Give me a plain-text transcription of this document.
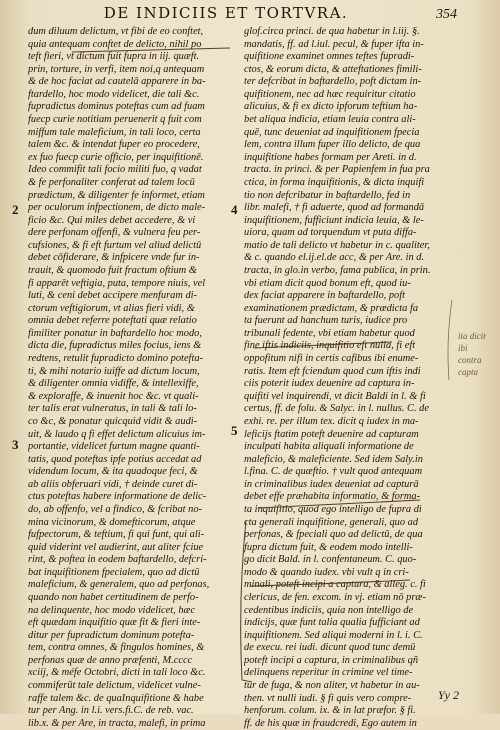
DE INDICIIS ET TORTVRA.	354
dum diluum delictum, vt fibi de eo conftet,
quia antequam conftet de delicto, nihil po
teft fieri, vt dictum fuit fupra in iij. quæft.
prin, torture, in verfi, item noi,q antequam
& de hoc faciat ad cautelā apparere in ba-
ftardello, hoc modo videlicet, die tali &c.
fupradictus dominus poteftas cum ad fuam
fuecp curie notitiam peruenerit q fuit com
miffum tale maleficium, in tali loco, certa
talem &c. & intendat fuper eo procedere,
ex fuo fuecp curie officio, per inquifitionē.
Ideo commifit tali focio militi fuo, q vadat
& fe perfonaliter conferat ad talem locū
prædictum, & diligenter fe informet, etiam
per oculorum infpectionem, de dicto male-
ficio &c. Qui miles debet accedere, & vi
dere perfonam offenfi, & vulnera feu per-
cufsiones, & fi eft furtum vel aliud delictū
debet cōfiderare, & infpicere vnde fur in-
trauit, & quomodo fuit fractum oftium &
fi apparēt veftigia, puta, tempore niuis, vel
luti, & ceni debet accipere menfuram di-
ctorum veftigiorum, vt alias fieri vidi, &
omnia debet referre poteftati quæ relatio
fimiliter ponatur in baftardello hoc modo,
dicta die, fupradictus miles focius, iens &
redtens, retulit fupradicto domino potefta-
ti, & mihi notario iuiffe ad dictum locum,
& diligenter omnia vidiffe, & intellexiffe,
& exploraffe, & inuenit hoc &c. vt quali-
ter talis erat vulneratus, in tali & tali lo-
co &c, & ponatur quicquid vidit & audi-
uit, & laudo q fi effet delictum alicuius im-
portantie, videlicet furtum magne quanti-
tatis, quod poteftas ipfe potius accedat ad
videndum locum, & ita quadoque feci, &
ab aliis obferuari vidi, † deinde curet di-
ctus poteftas habere informatione de delic-
do, ab offenfo, vel a findico, & fcribat no-
mina vicinorum, & domefticorum, atque
fufpectorum, & teftium, fi qui funt, qui ali-
quid viderint vel audierint, aut aliter fciue
rint, & poftea in eodem baftardello, defcri-
bat inquifitionem fpecialem, quo ad dictū
maleficium, & generalem, quo ad perfonas,
quando non habet certitudinem de perfo-
na delinquente, hoc modo videlicet, hæc
eft quædam inquifitio quæ fit & fieri inte-
ditur per fupradictum dominum potefta-
tem, contra omnes, & fingulos homines, &
perfonas quæ de anno præfenti, M.cccc
xciij, & méfe Octobri, dicti in tali loco &c.
commiferūt tale delictum, videlicet vulne-
raffe talem &c. de quaInquifitione & habe
tur per Ang. in l.i. vers.fi.C. de reb. vac.
lib.x. & per Are, in tracta, malefi, in prima
glof.circa princi. de qua habetur in l.iij. §.
mandatis, ff. ad l.iul. pecul, & fuper ifta in-
quifitione examinet omnes teftes fupradi-
ctos, & eorum dicta, & atteftationes fimili-
ter defcribat in baftardello, poft dictam in-
quifitionem, nec ad hæc requiritur citatio
alicuius, & fi ex dicto ipforum teftium ha-
bet aliqua indicia, etiam leuia contra ali-
quē, tunc deueniat ad inquifitionem fpecia
lem, contra illum fuper illo delicto, de qua
inquifitione habes formam per Areti. in d.
tracta. in princi. & per Papienfem in fua pra
ctica, in forma inquifitionis, & dicta inquifi
tio non defcribatur in baftardello, fed in
libr. malefi, † fi aduerte, quod ad formandā
inquifitionem, fufficiunt indicia leuia, & le-
uiora, quam ad torquendum vt puta diffa-
matio de tali delicto vt habetur in c. qualiter,
& c. quando el.ij.el.de acc, & per Are. in d.
tracta, in glo.in verbo, fama publica, in prin.
vbi etiam dicit quod bonum eft, quod iu-
dex faciat apparere in baftardello, poft
examinationem prædictam, & prædicta fa
ta fuerunt ad hanchum turis, iudice pro
tribunali fedente, vbi etiam habetur quod
fine iftis indiciis, inquifitio eft nulla, fi eft
oppofitum nifi in certis cafibus ibi enume-
ratis. Item eft fciendum quod cum iftis indi
ciis poterit iudex deuenire ad captura in-
quifiti vel inquirendi, vt dicit Baldi in l. & fi
certus, ff. de folu. & Salyc. in l. nullus. C. de
exhi. re. per illum tex. dicit q iudex in ma-
leficijs ftatim poteft deuenire ad capturam
inculpati habita aliquali informatione de
maleficio, & maleficiente. Sed idem Saly.in
l.fina. C. de quæftio. † vult quod antequam
in criminalibus iudex deueniat ad capturā
debet effe præhabita informatio, & forma-
ta inquifitio, quod ego intelligo de fupra di
cta generali inquifitione, generali, quo ad
perfonas, & fpeciali quo ad delictū, de qua
fupra dictum fuit, & eodem modo intelli-
go dicit Bald. in l. confentaneum. C. quo-
modo & quando iudex. vbi vult q in cri-
minali, poteft incipi a captura, & alleg. c. fi
clericus, de fen. excom. in vj. etiam nō præ-
cedentibus indiciis, quia non intelligo de
indicijs, quæ funt talia qualia fufficiant ad
inquifitionem. Sed aliqui moderni in l. i. C.
de execu. rei iudi. dicunt quod tunc demū
poteft incipi a captura, in criminalibus qñ
delinquens reperitur in crimine vel time-
tur de fuga, & non aliter, vt habetur in au-
then. vt nulli iudi. § fi quis vero compre-
henforum. colum. ix. & in lat præfor. § fi.
ff. de his quæ in fraudcredi, Ego autem in
2
3
4
5
ita dicit
ibi
contra
capta
Yy 2
